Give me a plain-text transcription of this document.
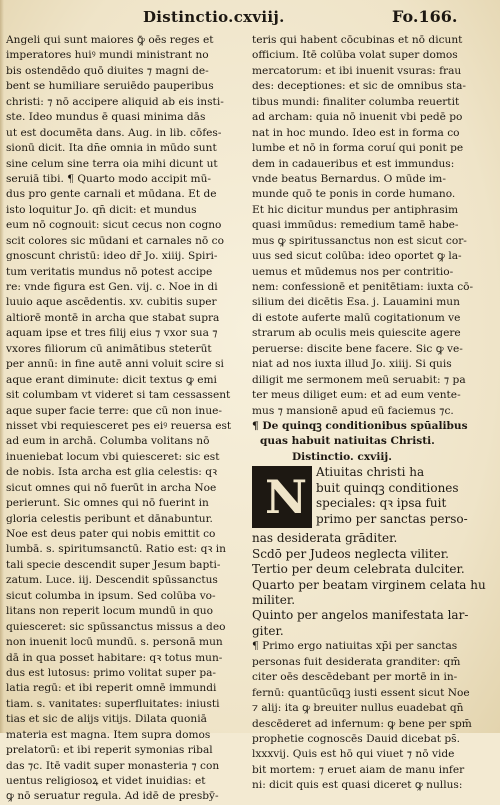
Distinctio.cxviij.	Fo.166.
Angeli qui sunt maiores ꝙ̄ oēs reges et
imperatores huiꝰ mundi ministrant no
bis ostendēdo quō diuites ⁊ magni de-
bent se humiliare seruiēdo pauperibus
christi: ⁊ nō accipere aliquid ab eis insti-
ste. Ideo mundus ē quasi minima dās
ut est documēta dans. Aug. in lib. cōfes-
sionū dicit. Ita dn̄e omnia in mūdo sunt
sine celum sine terra oia mihi dicunt ut
seruiā tibi. ¶ Quarto modo accipit mū-
dus pro gente carnali et mūdana. Et de
isto loquitur Jo. qn̄ dicit: et mundus
eum nō cognouit: sicut cecus non cogno
scit colores sic mūdani et carnales nō co
gnoscunt christū: ideo dr̄ Jo. xiiij. Spiri-
tum veritatis mundus nō potest accipe
re: vnde figura est Gen. vij. c. Noe in di
luuio aque ascēdentis. xv. cubitis super
altiorē montē in archa que stabat supra
aquam ipse et tres filij eius ⁊ vxor sua ⁊
vxores filiorum cū animātibus steterūt
per annū: in fine autē anni voluit scire si
aque erant diminute: dicit textus ꝙ emi
sit columbam vt videret si tam cessassent
aque super facie terre: que cū non inue-
nisset vbi requiesceret pes eiꝰ reuersa est
ad eum in archā. Columba volitans nō
inueniebat locum vbi quiesceret: sic est
de nobis. Ista archa est glia celestis: qꝛ
sicut omnes qui nō fuerūt in archa Noe
perierunt. Sic omnes qui nō fuerint in
gloria celestis peribunt et dānabuntur.
Noe est deus pater qui nobis emittit co
lumbā. s. spiritumsanctū. Ratio est: qꝛ in
tali specie descendit super Jesum bapti-
zatum. Luce. iij. Descendit spūssanctus
sicut columba in ipsum. Sed colūba vo-
litans non reperit locum mundū in quo
quiesceret: sic spūssanctus missus a deo
non inuenit locū mundū. s. personā mun
dā in qua posset habitare: qꝛ totus mun-
dus est lutosus: primo volitat super pa-
latia regū: et ibi reperit omnē immundi
tiam. s. vanitates: superfluitates: iniusti
tias et sic de alijs vitijs. Dilata quoniā
materia est magna. Item supra domos
prelatorū: et ibi reperit symonias ribal
das ⁊c. Itē vadit super monasteria ⁊ con
uentus religiosoꝝ et videt inuidias: et
ꝙ nō seruatur regula. Ad idē de presbȳ-
teris qui habent cōcubinas et nō dicunt
officium. Itē colūba volat super domos
mercatorum: et ibi inuenit vsuras: frau
des: deceptiones: et sic de omnibus sta-
tibus mundi: finaliter columba reuertit
ad archam: quia nō inuenit vbi pedē po
nat in hoc mundo. Ideo est in forma co
lumbe et nō in forma coruí qui ponit pe
dem in cadaueribus et est immundus:
vnde beatus Bernardus. O mūde im-
munde quō te ponis in corde humano.
Et hic dicitur mundus per antiphrasim
quasi immūdus: remedium tamē habe-
mus ꝙ spiritussanctus non est sicut cor-
uus sed sicut colūba: ideo oportet ꝙ la-
uemus et mūdemus nos per contritio-
nem: confessionē et penitētiam: iuxta cō-
silium dei dicētis Esa. j. Lauamini mun
di estote auferte malū cogitationum ve
strarum ab oculis meis quiescite agere
peruerse: discite bene facere. Sic ꝙ ve-
niat ad nos iuxta illud Jo. xiiij. Si quis
diligit me sermonem meū seruabit: ⁊ pa
ter meus diliget eum: et ad eum vente-
mus ⁊ mansionē apud eū faciemus ⁊c.
¶ De quinqꝫ conditionibus spūalibus
quas habuit natiuitas Christi.
Distinctio. cxviij.
N Atiuitas christi ha
buit quinqꝫ conditiones
speciales: qꝛ ipsa fuit
primo per sanctas perso-
nas desiderata grāditer.
Scdō per Judeos neglecta viliter.
Tertio per deum celebrata dulciter.
Quarto per beatam virginem celata hu
militer.
Quinto per angelos manifestata lar-
giter.
¶ Primo ergo natiuitas xp̄i per sanctas
personas fuit desiderata granditer: qm̄
citer oēs descēdebant per mortē in in-
fernū: quantūcūqꝫ iusti essent sicut Noe
⁊ alij: ita ꝙ breuiter nullus euadebat qn̄
descēderet ad infernum: ꝙ bene per spm̄
prophetie cognoscēs Dauid dicebat ps̄.
lxxxvij. Quis est hō qui viuet ⁊ nō vide
bit mortem: ⁊ eruet aiam de manu infer
ni: dicit quis est quasi diceret ꝙ nullus:
